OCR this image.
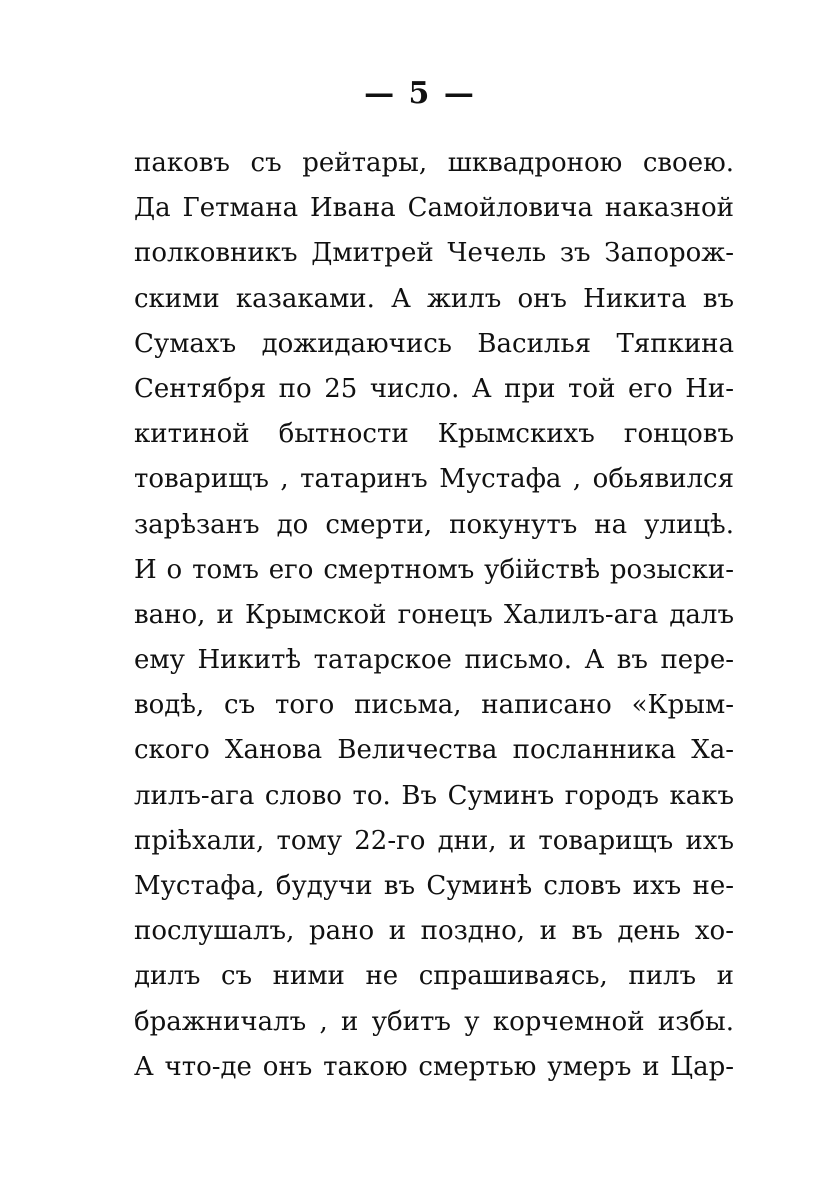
— 5 —
паковъ съ рейтары, шквадроною своею.
Да Гетмана Ивана Самойловича наказной
полковникъ Дмитрей Чечель зъ Запорож-
скими казаками. А жилъ онъ Никита въ
Сумахъ дожидаючись Василья Тяпкина
Сентября по 25 число. А при той его Ни-
китиной бытности Крымскихъ гонцовъ
товарищъ , татаринъ Мустафа , обьявился
зарѣзанъ до смерти, покунутъ на улицѣ.
И о томъ его смертномъ убійствѣ розыски-
вано, и Крымской гонецъ Халилъ-ага далъ
ему Никитѣ татарское письмо. А въ пере-
водѣ, съ того письма, написано «Крым-
ского Ханова Величества посланника Ха-
лилъ-ага слово то. Въ Суминъ городъ какъ
пріѣхали, тому 22-го дни, и товарищъ ихъ
Мустафа, будучи въ Суминѣ словъ ихъ не-
послушалъ, рано и поздно, и въ день хо-
дилъ съ ними не спрашиваясь, пилъ и
бражничалъ , и убитъ у корчемной избы.
А что-де онъ такою смертью умеръ и Цар-
